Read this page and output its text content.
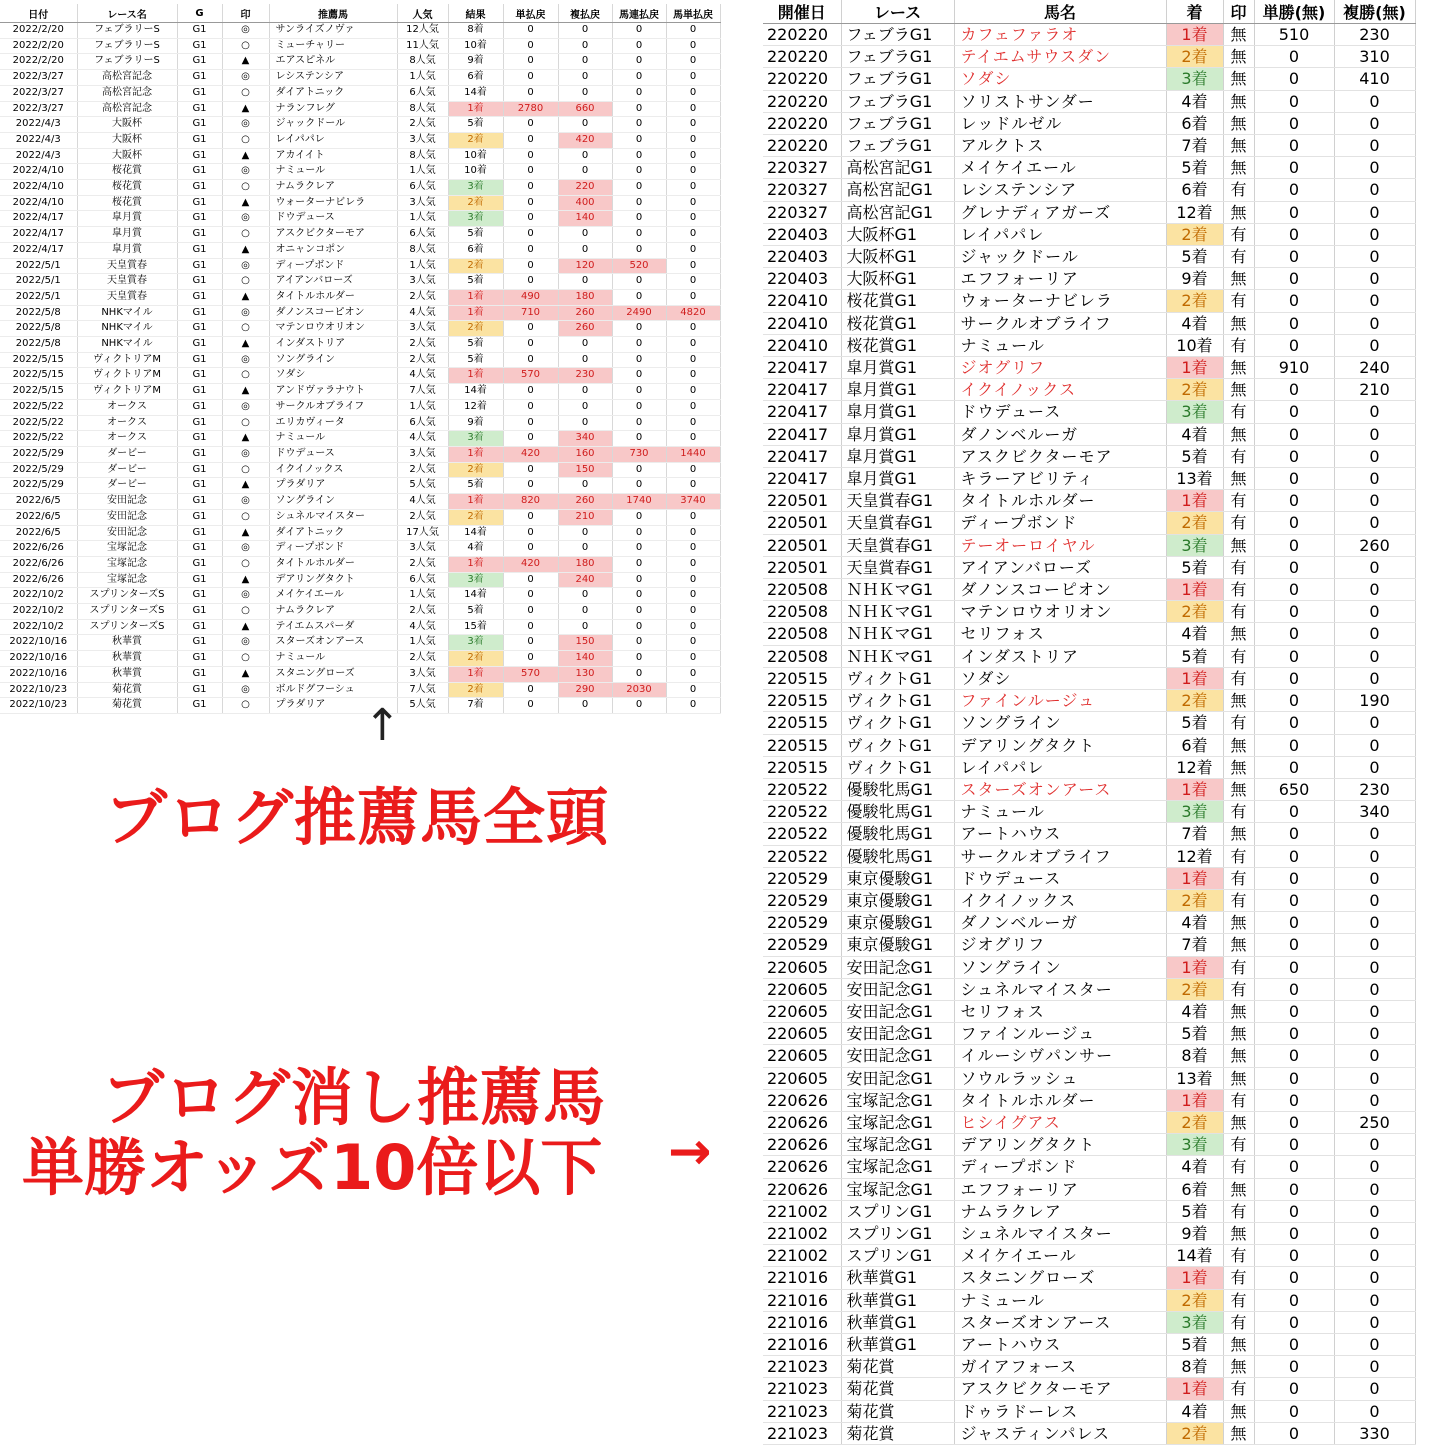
日付	レース名	G	印	推薦馬	人気	結果	単払戻	複払戻	馬連払戻	馬単払戻
2022/2/20	フェブラリーS	G1	◎	サンライズノヴァ	12人気	8着	0	0	0	0
2022/2/20	フェブラリーS	G1	○	ミューチャリー	11人気	10着	0	0	0	0
2022/2/20	フェブラリーS	G1	▲	エアスピネル	8人気	9着	0	0	0	0
2022/3/27	高松宮記念	G1	◎	レシステンシア	1人気	6着	0	0	0	0
2022/3/27	高松宮記念	G1	○	ダイアトニック	6人気	14着	0	0	0	0
2022/3/27	高松宮記念	G1	▲	ナランフレグ	8人気	1着	2780	660	0	0
2022/4/3	大阪杯	G1	◎	ジャックドール	2人気	5着	0	0	0	0
2022/4/3	大阪杯	G1	○	レイパパレ	3人気	2着	0	420	0	0
2022/4/3	大阪杯	G1	▲	アカイイト	8人気	10着	0	0	0	0
2022/4/10	桜花賞	G1	◎	ナミュール	1人気	10着	0	0	0	0
2022/4/10	桜花賞	G1	○	ナムラクレア	6人気	3着	0	220	0	0
2022/4/10	桜花賞	G1	▲	ウォーターナビレラ	3人気	2着	0	400	0	0
2022/4/17	皐月賞	G1	◎	ドウデュース	1人気	3着	0	140	0	0
2022/4/17	皐月賞	G1	○	アスクビクターモア	6人気	5着	0	0	0	0
2022/4/17	皐月賞	G1	▲	オニャンコポン	8人気	6着	0	0	0	0
2022/5/1	天皇賞春	G1	◎	ディープボンド	1人気	2着	0	120	520	0
2022/5/1	天皇賞春	G1	○	アイアンバローズ	3人気	5着	0	0	0	0
2022/5/1	天皇賞春	G1	▲	タイトルホルダー	2人気	1着	490	180	0	0
2022/5/8	NHKマイル	G1	◎	ダノンスコーピオン	4人気	1着	710	260	2490	4820
2022/5/8	NHKマイル	G1	○	マテンロウオリオン	3人気	2着	0	260	0	0
2022/5/8	NHKマイル	G1	▲	インダストリア	2人気	5着	0	0	0	0
2022/5/15	ヴィクトリアM	G1	◎	ソングライン	2人気	5着	0	0	0	0
2022/5/15	ヴィクトリアM	G1	○	ソダシ	4人気	1着	570	230	0	0
2022/5/15	ヴィクトリアM	G1	▲	アンドヴァラナウト	7人気	14着	0	0	0	0
2022/5/22	オークス	G1	◎	サークルオブライフ	1人気	12着	0	0	0	0
2022/5/22	オークス	G1	○	エリカヴィータ	6人気	9着	0	0	0	0
2022/5/22	オークス	G1	▲	ナミュール	4人気	3着	0	340	0	0
2022/5/29	ダービー	G1	◎	ドウデュース	3人気	1着	420	160	730	1440
2022/5/29	ダービー	G1	○	イクイノックス	2人気	2着	0	150	0	0
2022/5/29	ダービー	G1	▲	プラダリア	5人気	5着	0	0	0	0
2022/6/5	安田記念	G1	◎	ソングライン	4人気	1着	820	260	1740	3740
2022/6/5	安田記念	G1	○	シュネルマイスター	2人気	2着	0	210	0	0
2022/6/5	安田記念	G1	▲	ダイアトニック	17人気	14着	0	0	0	0
2022/6/26	宝塚記念	G1	◎	ディープボンド	3人気	4着	0	0	0	0
2022/6/26	宝塚記念	G1	○	タイトルホルダー	2人気	1着	420	180	0	0
2022/6/26	宝塚記念	G1	▲	デアリングタクト	6人気	3着	0	240	0	0
2022/10/2	スプリンターズS	G1	◎	メイケイエール	1人気	14着	0	0	0	0
2022/10/2	スプリンターズS	G1	○	ナムラクレア	2人気	5着	0	0	0	0
2022/10/2	スプリンターズS	G1	▲	テイエムスパーダ	4人気	15着	0	0	0	0
2022/10/16	秋華賞	G1	◎	スターズオンアース	1人気	3着	0	150	0	0
2022/10/16	秋華賞	G1	○	ナミュール	2人気	2着	0	140	0	0
2022/10/16	秋華賞	G1	▲	スタニングローズ	3人気	1着	570	130	0	0
2022/10/23	菊花賞	G1	◎	ボルドグフーシュ	7人気	2着	0	290	2030	0
2022/10/23	菊花賞	G1	○	プラダリア	5人気	7着	0	0	0	0
開催日	レース	馬名	着	印	単勝(無)	複勝(無)
220220	フェブラG1	カフェファラオ	1着	無	510	230
220220	フェブラG1	テイエムサウスダン	2着	無	0	310
220220	フェブラG1	ソダシ	3着	無	0	410
220220	フェブラG1	ソリストサンダー	4着	無	0	0
220220	フェブラG1	レッドルゼル	6着	無	0	0
220220	フェブラG1	アルクトス	7着	無	0	0
220327	高松宮記G1	メイケイエール	5着	無	0	0
220327	高松宮記G1	レシステンシア	6着	有	0	0
220327	高松宮記G1	グレナディアガーズ	12着	無	0	0
220403	大阪杯G1	レイパパレ	2着	有	0	0
220403	大阪杯G1	ジャックドール	5着	有	0	0
220403	大阪杯G1	エフフォーリア	9着	無	0	0
220410	桜花賞G1	ウォーターナビレラ	2着	有	0	0
220410	桜花賞G1	サークルオブライフ	4着	無	0	0
220410	桜花賞G1	ナミュール	10着	有	0	0
220417	皐月賞G1	ジオグリフ	1着	無	910	240
220417	皐月賞G1	イクイノックス	2着	無	0	210
220417	皐月賞G1	ドウデュース	3着	有	0	0
220417	皐月賞G1	ダノンベルーガ	4着	無	0	0
220417	皐月賞G1	アスクビクターモア	5着	有	0	0
220417	皐月賞G1	キラーアビリティ	13着	無	0	0
220501	天皇賞春G1	タイトルホルダー	1着	有	0	0
220501	天皇賞春G1	ディープボンド	2着	有	0	0
220501	天皇賞春G1	テーオーロイヤル	3着	無	0	260
220501	天皇賞春G1	アイアンバローズ	5着	有	0	0
220508	ＮＨＫマG1	ダノンスコーピオン	1着	有	0	0
220508	ＮＨＫマG1	マテンロウオリオン	2着	有	0	0
220508	ＮＨＫマG1	セリフォス	4着	無	0	0
220508	ＮＨＫマG1	インダストリア	5着	有	0	0
220515	ヴィクトG1	ソダシ	1着	有	0	0
220515	ヴィクトG1	ファインルージュ	2着	無	0	190
220515	ヴィクトG1	ソングライン	5着	有	0	0
220515	ヴィクトG1	デアリングタクト	6着	無	0	0
220515	ヴィクトG1	レイパパレ	12着	無	0	0
220522	優駿牝馬G1	スターズオンアース	1着	無	650	230
220522	優駿牝馬G1	ナミュール	3着	有	0	340
220522	優駿牝馬G1	アートハウス	7着	無	0	0
220522	優駿牝馬G1	サークルオブライフ	12着	有	0	0
220529	東京優駿G1	ドウデュース	1着	有	0	0
220529	東京優駿G1	イクイノックス	2着	有	0	0
220529	東京優駿G1	ダノンベルーガ	4着	無	0	0
220529	東京優駿G1	ジオグリフ	7着	無	0	0
220605	安田記念G1	ソングライン	1着	有	0	0
220605	安田記念G1	シュネルマイスター	2着	有	0	0
220605	安田記念G1	セリフォス	4着	無	0	0
220605	安田記念G1	ファインルージュ	5着	無	0	0
220605	安田記念G1	イルーシヴパンサー	8着	無	0	0
220605	安田記念G1	ソウルラッシュ	13着	無	0	0
220626	宝塚記念G1	タイトルホルダー	1着	有	0	0
220626	宝塚記念G1	ヒシイグアス	2着	無	0	250
220626	宝塚記念G1	デアリングタクト	3着	有	0	0
220626	宝塚記念G1	ディープボンド	4着	有	0	0
220626	宝塚記念G1	エフフォーリア	6着	無	0	0
221002	スプリンG1	ナムラクレア	5着	有	0	0
221002	スプリンG1	シュネルマイスター	9着	無	0	0
221002	スプリンG1	メイケイエール	14着	有	0	0
221016	秋華賞G1	スタニングローズ	1着	有	0	0
221016	秋華賞G1	ナミュール	2着	有	0	0
221016	秋華賞G1	スターズオンアース	3着	有	0	0
221016	秋華賞G1	アートハウス	5着	無	0	0
221023	菊花賞	ガイアフォース	8着	無	0	0
221023	菊花賞	アスクビクターモア	1着	有	0	0
221023	菊花賞	ドゥラドーレス	4着	無	0	0
221023	菊花賞	ジャスティンパレス	2着	無	0	330
↑
ブログ推薦馬全頭
ブログ消し推薦馬
単勝オッズ10倍以下 →
